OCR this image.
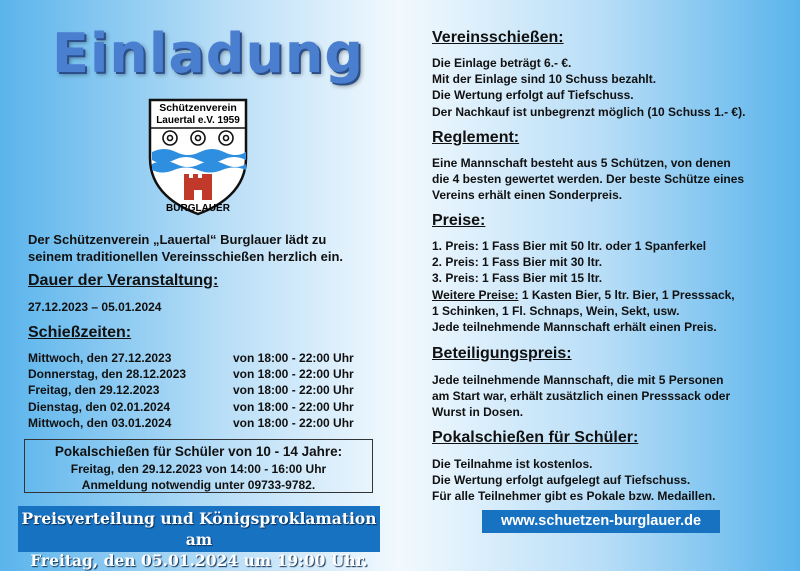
Einladung
Schützenverein
Lauertal e.V. 1959
BURGLAUER
Der Schützenverein „Lauertal“ Burglauer lädt zu seinem traditionellen Vereinsschießen herzlich ein.
Dauer der Veranstaltung:
27.12.2023 – 05.01.2024
Schießzeiten:
Mittwoch, den 27.12.2023	von 18:00 - 22:00 Uhr
Donnerstag, den 28.12.2023	von 18:00 - 22:00 Uhr
Freitag, den 29.12.2023	von 18:00 - 22:00 Uhr
Dienstag, den 02.01.2024	von 18:00 - 22:00 Uhr
Mittwoch, den 03.01.2024	von 18:00 - 22:00 Uhr
Pokalschießen für Schüler von 10 - 14 Jahre:
Freitag, den 29.12.2023 von 14:00 - 16:00 Uhr
Anmeldung notwendig unter 09733-9782.
Preisverteilung und Königsproklamation am
Freitag, den 05.01.2024 um 19:00 Uhr.
Vereinsschießen:
Die Einlage beträgt 6.- €.
Mit der Einlage sind 10 Schuss bezahlt.
Die Wertung erfolgt auf Tiefschuss.
Der Nachkauf ist unbegrenzt möglich (10 Schuss 1.- €).
Reglement:
Eine Mannschaft besteht aus 5 Schützen, von denen
die 4 besten gewertet werden. Der beste Schütze eines
Vereins erhält einen Sonderpreis.
Preise:
1. Preis: 1 Fass Bier mit 50 ltr. oder 1 Spanferkel
2. Preis: 1 Fass Bier mit 30 ltr.
3. Preis: 1 Fass Bier mit 15 ltr.
Weitere Preise: 1 Kasten Bier, 5 ltr. Bier, 1 Presssack,
1 Schinken, 1 Fl. Schnaps, Wein, Sekt, usw.
Jede teilnehmende Mannschaft erhält einen Preis.
Beteiligungspreis:
Jede teilnehmende Mannschaft, die mit 5 Personen
am Start war, erhält zusätzlich einen Presssack oder
Wurst in Dosen.
Pokalschießen für Schüler:
Die Teilnahme ist kostenlos.
Die Wertung erfolgt aufgelegt auf Tiefschuss.
Für alle Teilnehmer gibt es Pokale bzw. Medaillen.
www.schuetzen-burglauer.de
